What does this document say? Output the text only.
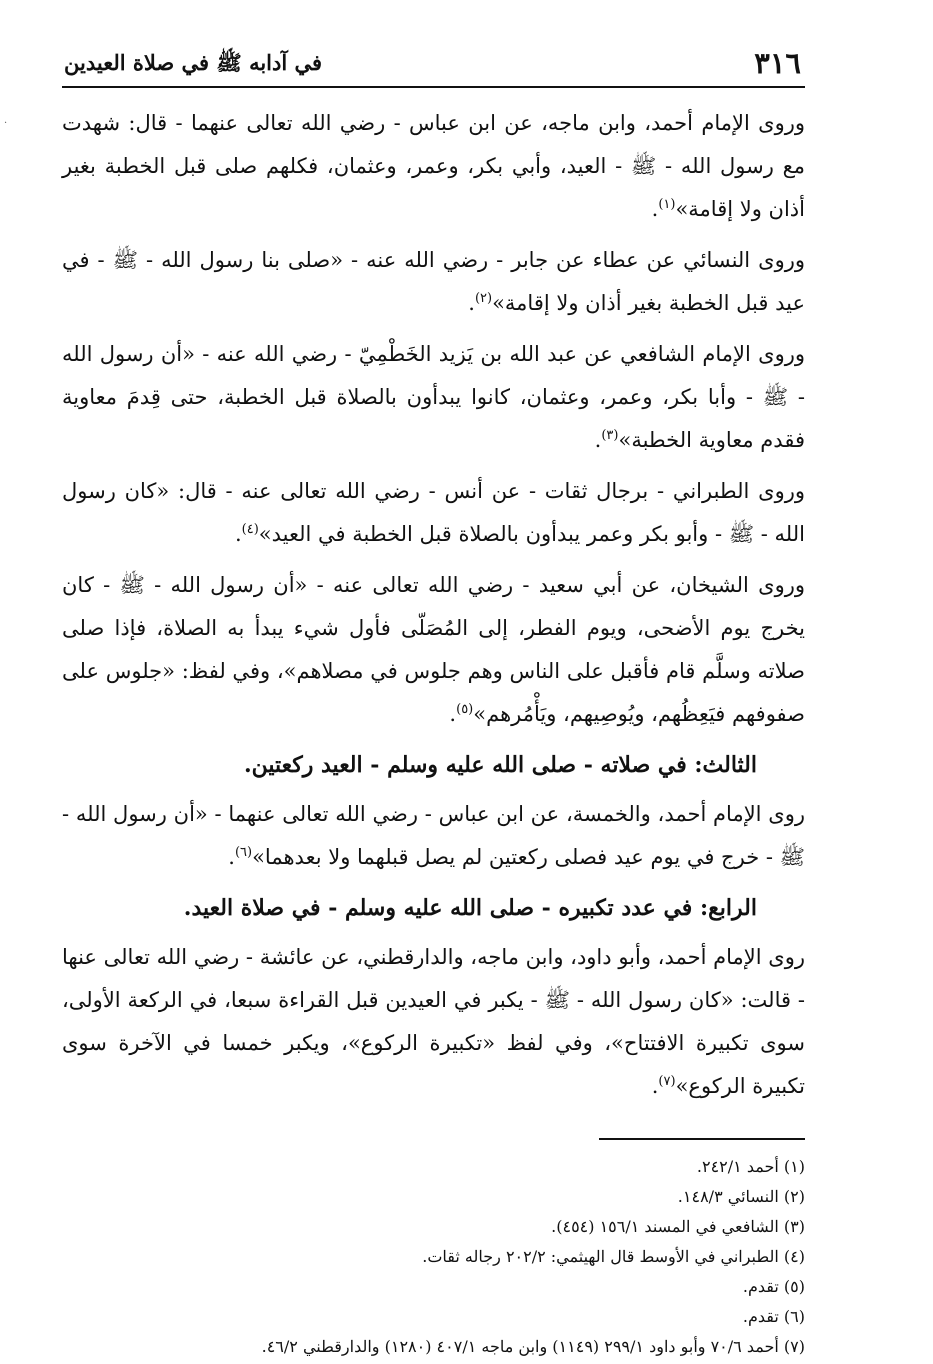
·
٣١٦
في آدابه ﷺ في صلاة العيدين

وروى الإمام أحمد، وابن ماجه، عن ابن عباس - رضي الله تعالى عنهما - قال: شهدت مع رسول الله - ﷺ - العيد، وأبي بكر، وعمر، وعثمان، فكلهم صلى قبل الخطبة بغير أذان ولا إقامة»$^{(١)}$.

وروى النسائي عن عطاء عن جابر - رضي الله عنه - «صلى بنا رسول الله - ﷺ - في عيد قبل الخطبة بغير أذان ولا إقامة»$^{(٢)}$.

وروى الإمام الشافعي عن عبد الله بن يَزيد الخَطْمِيّ - رضي الله عنه - «أن رسول الله - ﷺ - وأبا بكر، وعمر، وعثمان، كانوا يبدأون بالصلاة قبل الخطبة، حتى قِدمَ معاوية فقدم معاوية الخطبة»$^{(٣)}$.

وروى الطبراني - برجال ثقات - عن أنس - رضي الله تعالى عنه - قال: «كان رسول الله - ﷺ - وأبو بكر وعمر يبدأون بالصلاة قبل الخطبة في العيد»$^{(٤)}$.

وروى الشيخان، عن أبي سعيد - رضي الله تعالى عنه - «أن رسول الله - ﷺ - كان يخرج يوم الأضحى، ويوم الفطر، إلى المُصَلّى فأول شيء يبدأ به الصلاة، فإذا صلى صلاته وسلَّم قام فأقبل على الناس وهم جلوس في مصلاهم»، وفي لفظ: «جلوس على صفوفهم فيَعِظُهم، ويُوصِيهم، ويَأْمُرهم»$^{(٥)}$.

الثالث: في صلاته - صلى الله عليه وسلم - العيد ركعتين.

روى الإمام أحمد، والخمسة، عن ابن عباس - رضي الله تعالى عنهما - «أن رسول الله - ﷺ - خرج في يوم عيد فصلى ركعتين لم يصل قبلهما ولا بعدهما»$^{(٦)}$.

الرابع: في عدد تكبيره - صلى الله عليه وسلم - في صلاة العيد.

روى الإمام أحمد، وأبو داود، وابن ماجه، والدارقطني، عن عائشة - رضي الله تعالى عنها - قالت: «كان رسول الله - ﷺ - يكبر في العيدين قبل القراءة سبعا، في الركعة الأولى، سوى تكبيرة الافتتاح»، وفي لفظ «تكبيرة الركوع»، ويكبر خمسا في الآخرة سوى تكبيرة الركوع»$^{(٧)}$.

(١) أحمد ٢٤٢/١.

(٢) النسائي ١٤٨/٣.

(٣) الشافعي في المسند ١٥٦/١ (٤٥٤).

(٤) الطبراني في الأوسط قال الهيثمي: ٢٠٢/٢ رجاله ثقات.

(٥) تقدم.

(٦) تقدم.

(٧) أحمد ٧٠/٦ وأبو داود ٢٩٩/١ (١١٤٩) وابن ماجه ٤٠٧/١ (١٢٨٠) والدارقطني ٤٦/٢.
